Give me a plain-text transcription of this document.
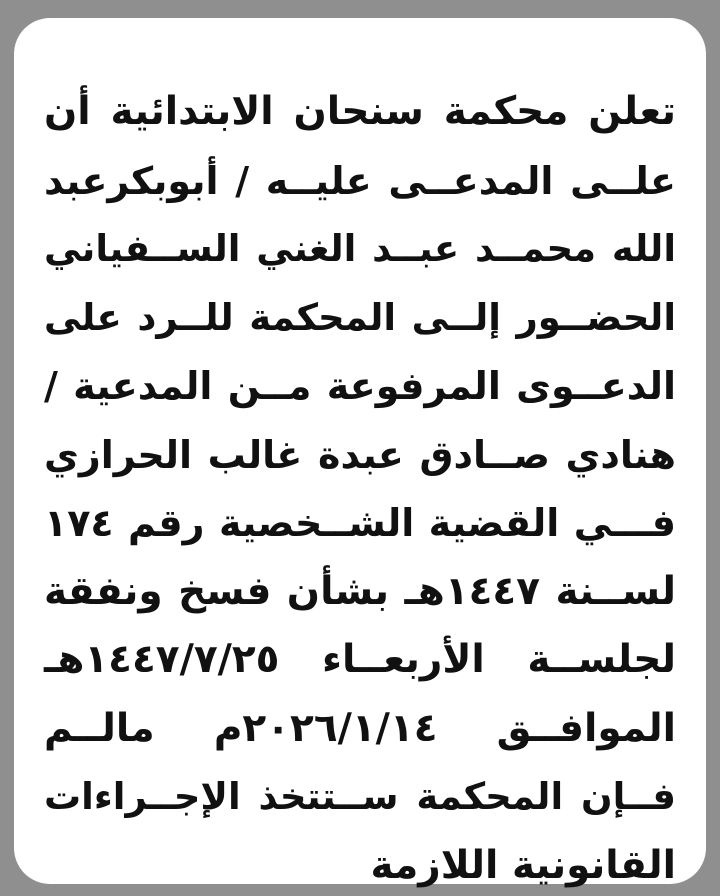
تعلن محكمة سنحان الابتدائية أن
علــى المدعــى عليــه / أبوبكرعبد
الله محمــد عبــد الغني الســفياني
الحضــور إلــى المحكمة للــرد على
الدعــوى المرفوعة مــن المدعية /
هنادي صــادق عبدة غالب الحرازي
فـــي القضية الشــخصية رقم ١٧٤
لســنة ١٤٤٧هـ بشأن فسخ ونفقة
لجلســة الأربعــاء ١٤٤٧/٧/٢٥هـ
الموافــق ٢٠٢٦/١/١٤م مالــم
فــإن المحكمة ســتتخذ الإجــراءات
القانونية اللازمة
